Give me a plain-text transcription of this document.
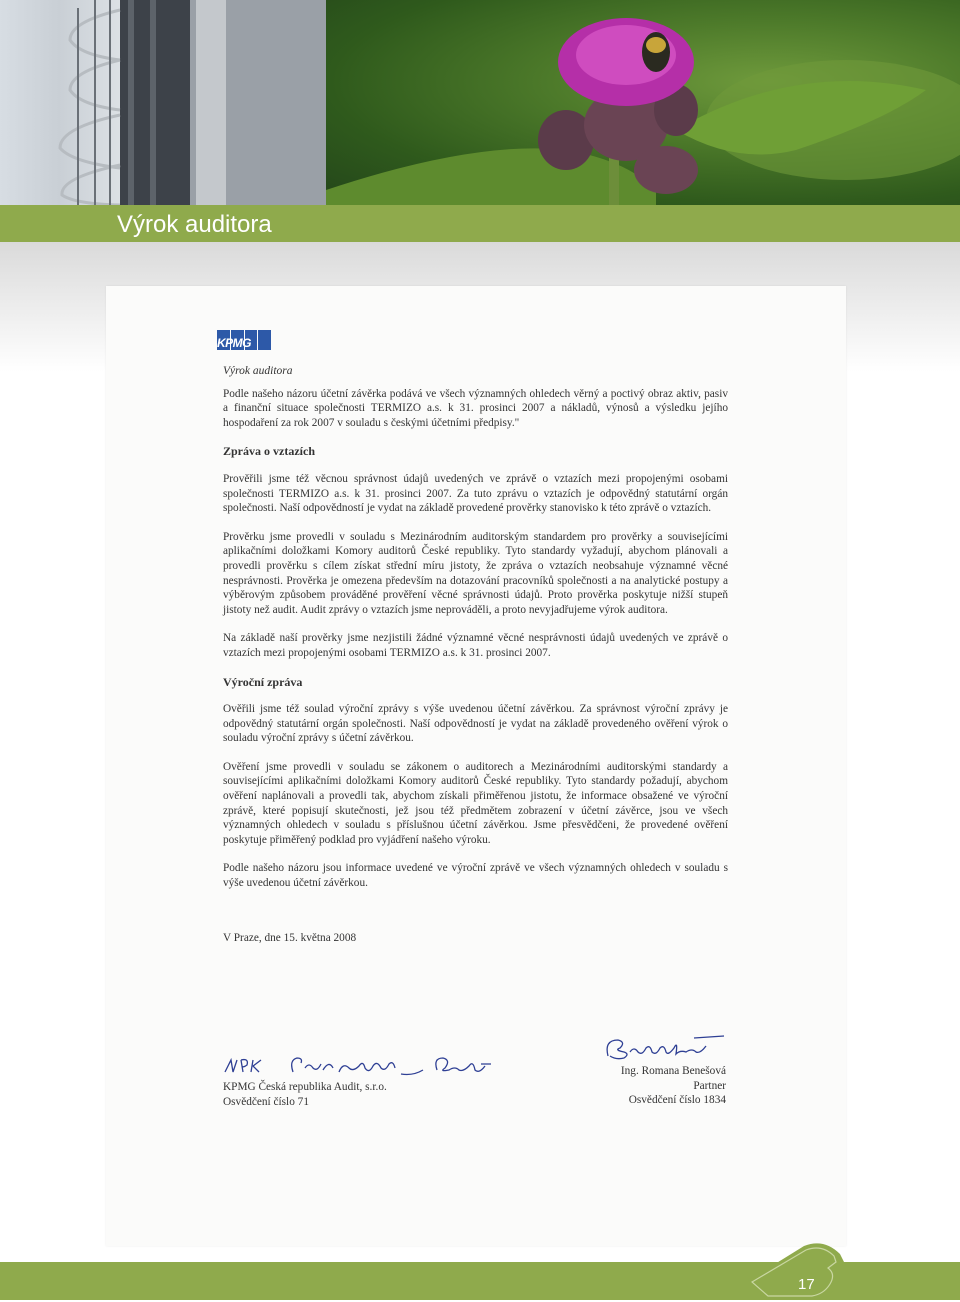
Výrok auditora
KPMG

Výrok auditora

Podle našeho názoru účetní závěrka podává ve všech významných ohledech věrný a poctivý obraz aktiv, pasiv a finanční situace společnosti TERMIZO a.s. k 31. prosinci 2007 a nákladů, výnosů a výsledku jejího hospodaření za rok 2007 v souladu s českými účetními předpisy."

Zpráva o vztazích

Prověřili jsme též věcnou správnost údajů uvedených ve zprávě o vztazích mezi propojenými osobami společnosti TERMIZO a.s. k 31. prosinci 2007. Za tuto zprávu o vztazích je odpovědný statutární orgán společnosti. Naší odpovědností je vydat na základě provedené prověrky stanovisko k této zprávě o vztazích.

Prověrku jsme provedli v souladu s Mezinárodním auditorským standardem pro prověrky a souvisejícími aplikačními doložkami Komory auditorů České republiky. Tyto standardy vyžadují, abychom plánovali a provedli prověrku s cílem získat střední míru jistoty, že zpráva o vztazích neobsahuje významné věcné nesprávnosti. Prověrka je omezena především na dotazování pracovníků společnosti a na analytické postupy a výběrovým způsobem prováděné prověření věcné správnosti údajů. Proto prověrka poskytuje nižší stupeň jistoty než audit. Audit zprávy o vztazích jsme neprováděli, a proto nevyjadřujeme výrok auditora.

Na základě naší prověrky jsme nezjistili žádné významné věcné nesprávnosti údajů uvedených ve zprávě o vztazích mezi propojenými osobami TERMIZO a.s. k 31. prosinci 2007.

Výroční zpráva

Ověřili jsme též soulad výroční zprávy s výše uvedenou účetní závěrkou. Za správnost výroční zprávy je odpovědný statutární orgán společnosti. Naší odpovědností je vydat na základě provedeného ověření výrok o souladu výroční zprávy s účetní závěrkou.

Ověření jsme provedli v souladu se zákonem o auditorech a Mezinárodními auditorskými standardy a souvisejícími aplikačními doložkami Komory auditorů České republiky. Tyto standardy požadují, abychom ověření naplánovali a provedli tak, abychom získali přiměřenou jistotu, že informace obsažené ve výroční zprávě, které popisují skutečnosti, jež jsou též předmětem zobrazení v účetní závěrce, jsou ve všech významných ohledech v souladu s příslušnou účetní závěrkou. Jsme přesvědčeni, že provedené ověření poskytuje přiměřený podklad pro vyjádření našeho výroku.

Podle našeho názoru jsou informace uvedené ve výroční zprávě ve všech významných ohledech v souladu s výše uvedenou účetní závěrkou.

V Praze, dne 15. května 2008

KPMG Česká republika Audit, s.r.o.
Osvědčení číslo 71
Ing. Romana Benešová
Partner
Osvědčení číslo 1834
17
